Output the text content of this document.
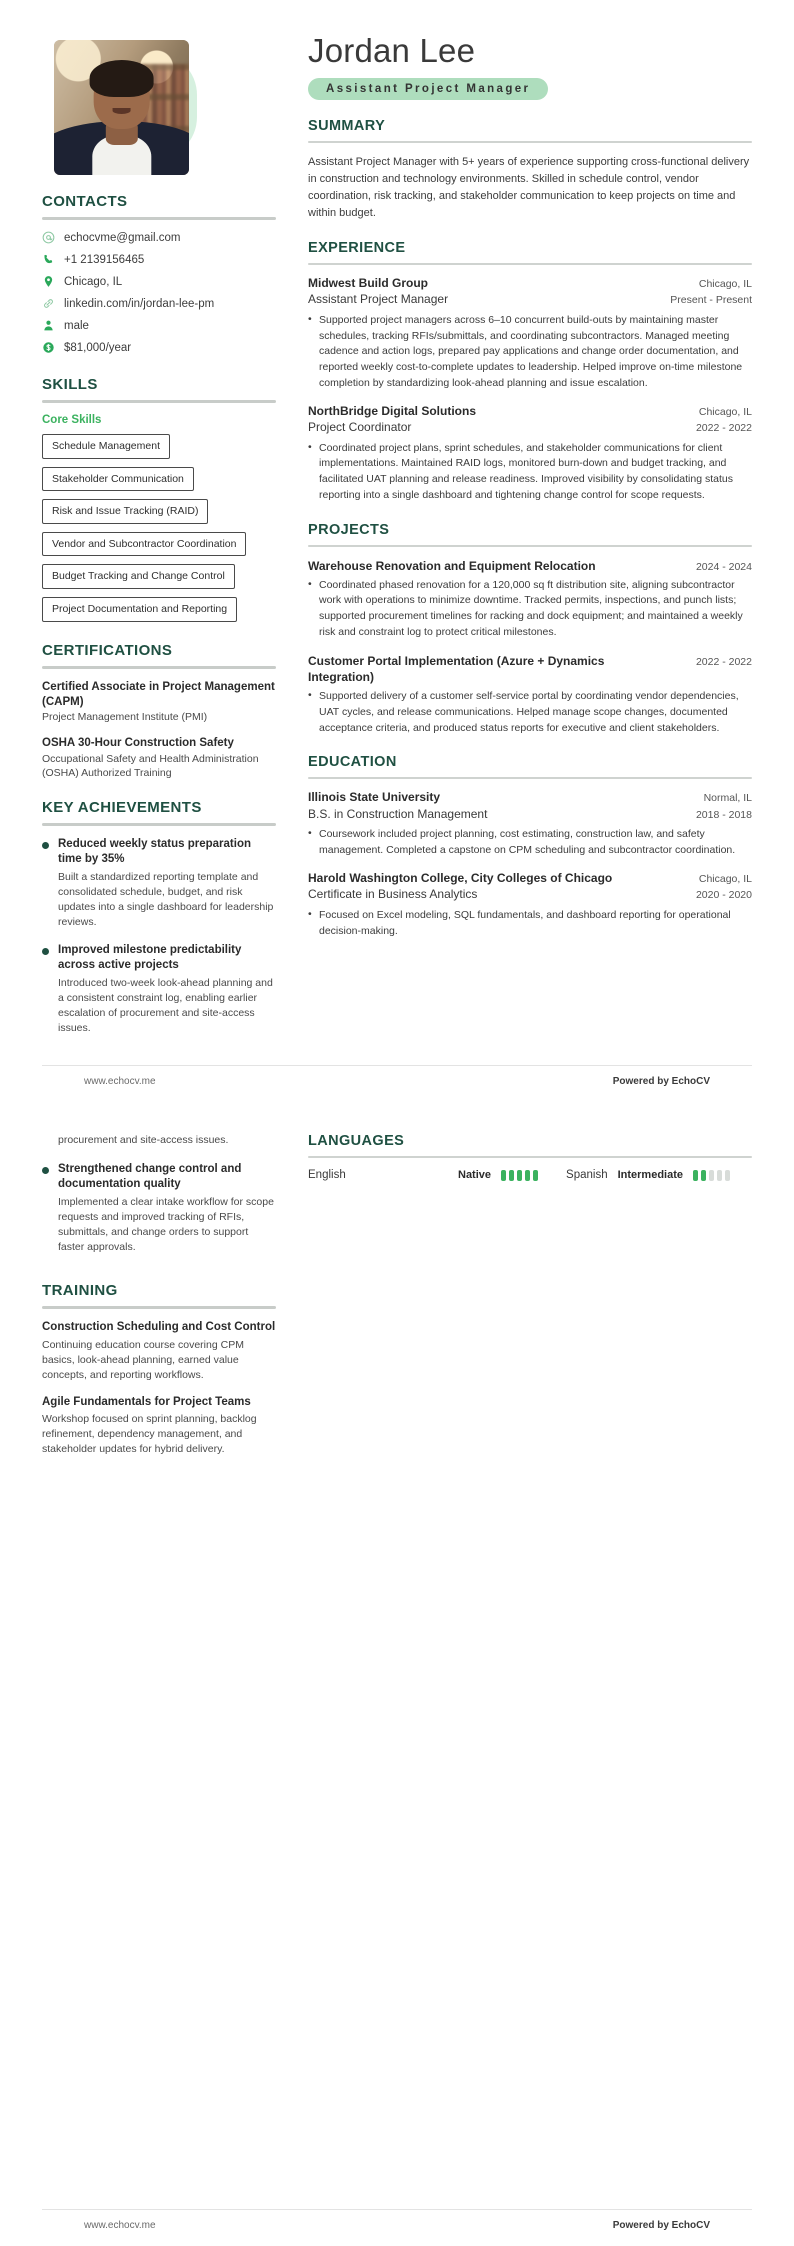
CONTACTS
echocvme@gmail.com
+1 2139156465
Chicago, IL
linkedin.com/in/jordan-lee-pm
male
$81,000/year
SKILLS
Core Skills
Schedule Management
Stakeholder Communication
Risk and Issue Tracking (RAID)
Vendor and Subcontractor Coordination
Budget Tracking and Change Control
Project Documentation and Reporting
CERTIFICATIONS
Certified Associate in Project Management (CAPM)
Project Management Institute (PMI)
OSHA 30-Hour Construction Safety
Occupational Safety and Health Administration (OSHA) Authorized Training
KEY ACHIEVEMENTS
Reduced weekly status preparation time by 35%
Built a standardized reporting template and consolidated schedule, budget, and risk updates into a single dashboard for leadership reviews.
Improved milestone predictability across active projects
Introduced two-week look-ahead planning and a consistent constraint log, enabling earlier escalation of procurement and site-access issues.
Jordan Lee
Assistant Project Manager
SUMMARY
Assistant Project Manager with 5+ years of experience supporting cross-functional delivery in construction and technology environments. Skilled in schedule control, vendor coordination, risk tracking, and stakeholder communication to keep projects on time and within budget.
EXPERIENCE
Midwest Build Group	Chicago, IL
Assistant Project Manager	Present - Present
• Supported project managers across 6–10 concurrent build-outs by maintaining master schedules, tracking RFIs/submittals, and coordinating subcontractors. Managed meeting cadence and action logs, prepared pay applications and change order documentation, and reported weekly cost-to-complete updates to leadership. Helped improve on-time milestone completion by standardizing look-ahead planning and issue escalation.
NorthBridge Digital Solutions	Chicago, IL
Project Coordinator	2022 - 2022
• Coordinated project plans, sprint schedules, and stakeholder communications for client implementations. Maintained RAID logs, monitored burn-down and budget tracking, and facilitated UAT planning and release readiness. Improved visibility by consolidating status reporting into a single dashboard and tightening change control for scope requests.
PROJECTS
Warehouse Renovation and Equipment Relocation	2024 - 2024
• Coordinated phased renovation for a 120,000 sq ft distribution site, aligning subcontractor work with operations to minimize downtime. Tracked permits, inspections, and punch lists; supported procurement timelines for racking and dock equipment; and maintained a weekly risk and constraint log to protect critical milestones.
Customer Portal Implementation (Azure + Dynamics Integration)
2022 - 2022
• Supported delivery of a customer self-service portal by coordinating vendor dependencies, UAT cycles, and release communications. Helped manage scope changes, documented acceptance criteria, and produced status reports for executive and client stakeholders.
EDUCATION
Illinois State University	Normal, IL
B.S. in Construction Management	2018 - 2018
• Coursework included project planning, cost estimating, construction law, and safety management. Completed a capstone on CPM scheduling and subcontractor coordination.
Harold Washington College, City Colleges of Chicago	Chicago, IL
Certificate in Business Analytics	2020 - 2020
• Focused on Excel modeling, SQL fundamentals, and dashboard reporting for operational decision-making.
www.echocv.me	Powered by EchoCV
procurement and site-access issues.
Strengthened change control and documentation quality
Implemented a clear intake workflow for scope requests and improved tracking of RFIs, submittals, and change orders to support faster approvals.
TRAINING
Construction Scheduling and Cost Control
Continuing education course covering CPM basics, look-ahead planning, earned value concepts, and reporting workflows.
Agile Fundamentals for Project Teams
Workshop focused on sprint planning, backlog refinement, dependency management, and stakeholder updates for hybrid delivery.
LANGUAGES
English	Native	Spanish Intermediate
www.echocv.me	Powered by EchoCV
